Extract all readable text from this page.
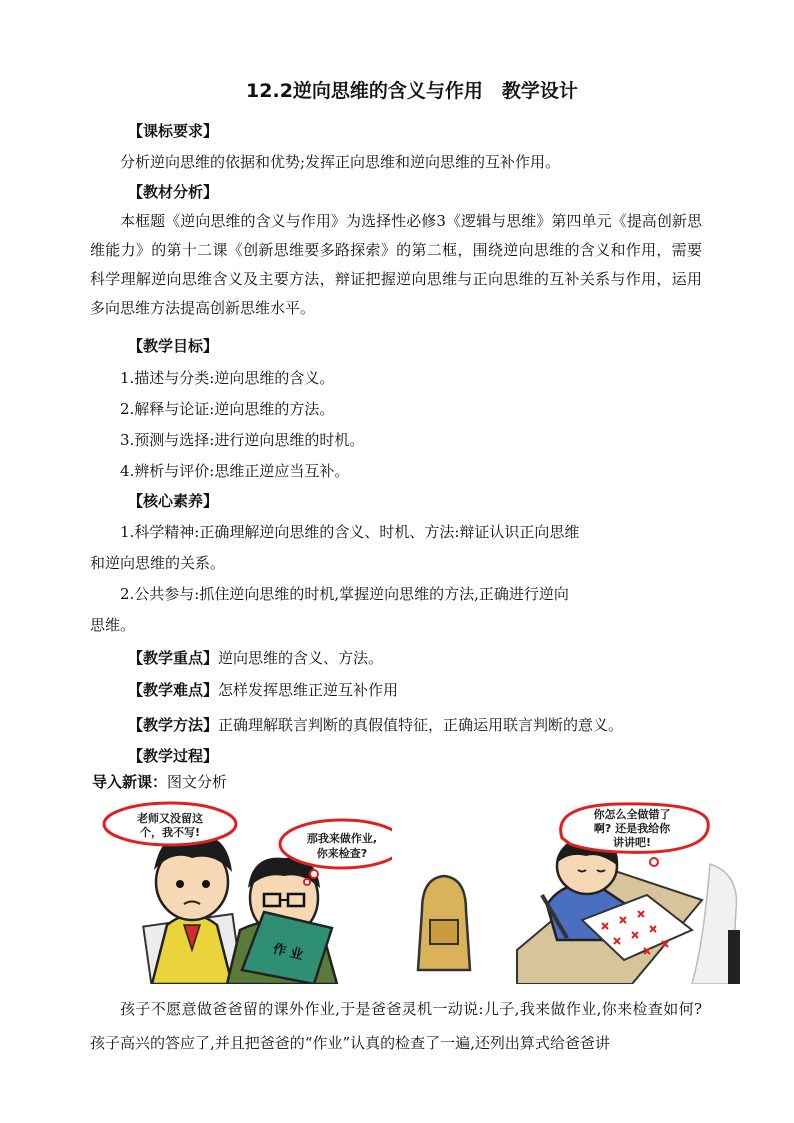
12.2逆向思维的含义与作用　教学设计
【课标要求】
分析逆向思维的依据和优势;发挥正向思维和逆向思维的互补作用。
【教材分析】
本框题《逆向思维的含义与作用》为选择性必修3《逻辑与思维》第四单元《提高创新思维能力》的第十二课《创新思维要多路探索》的第二框，围绕逆向思维的含义和作用，需要科学理解逆向思维含义及主要方法，辩证把握逆向思维与正向思维的互补关系与作用，运用多向思维方法提高创新思维水平。
【教学目标】
1.描述与分类:逆向思维的含义。
2.解释与论证:逆向思维的方法。
3.预测与选择:进行逆向思维的时机。
4.辨析与评价:思维正逆应当互补。
【核心素养】
1.科学精神:正确理解逆向思维的含义、时机、方法:辩证认识正向思维
和逆向思维的关系。
2.公共参与:抓住逆向思维的时机,掌握逆向思维的方法,正确进行逆向
思维。
【教学重点】逆向思维的含义、方法。
【教学难点】怎样发挥思维正逆互补作用
【教学方法】正确理解联言判断的真假值特征，正确运用联言判断的意义。
【教学过程】
导入新课：图文分析
作 业
老师又没留这
个，我不写!	那我来做作业,
你来检查?
你怎么全做错了
啊? 还是我给你
讲讲吧!
孩子不愿意做爸爸留的课外作业,于是爸爸灵机一动说:儿子,我来做作业,你来检查如何?孩子高兴的答应了,并且把爸爸的“作业”认真的检查了一遍,还列出算式给爸爸讲
